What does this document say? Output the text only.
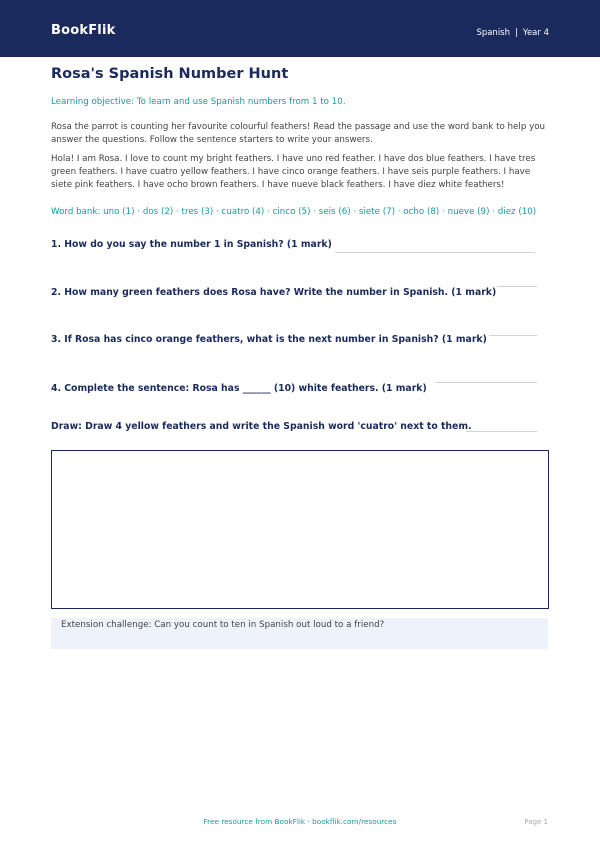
BookFlik	Spanish | Year 4
Rosa's Spanish Number Hunt
Learning objective: To learn and use Spanish numbers from 1 to 10.

Rosa the parrot is counting her favourite colourful feathers! Read the passage and use the word bank to help you answer the questions. Follow the sentence starters to write your answers.

Hola! I am Rosa. I love to count my bright feathers. I have uno red feather. I have dos blue feathers. I have tres green feathers. I have cuatro yellow feathers. I have cinco orange feathers. I have seis purple feathers. I have siete pink feathers. I have ocho brown feathers. I have nueve black feathers. I have diez white feathers!

Word bank: uno (1) · dos (2) · tres (3) · cuatro (4) · cinco (5) · seis (6) · siete (7) · ocho (8) · nueve (9) · diez (10)

1. How do you say the number 1 in Spanish? (1 mark)

2. How many green feathers does Rosa have? Write the number in Spanish. (1 mark)

3. If Rosa has cinco orange feathers, what is the next number in Spanish? (1 mark)

4. Complete the sentence: Rosa has ______ (10) white feathers. (1 mark)

Draw: Draw 4 yellow feathers and write the Spanish word 'cuatro' next to them.

Extension challenge: Can you count to ten in Spanish out loud to a friend?
Free resource from BookFlik · bookflik.com/resources	Page 1
